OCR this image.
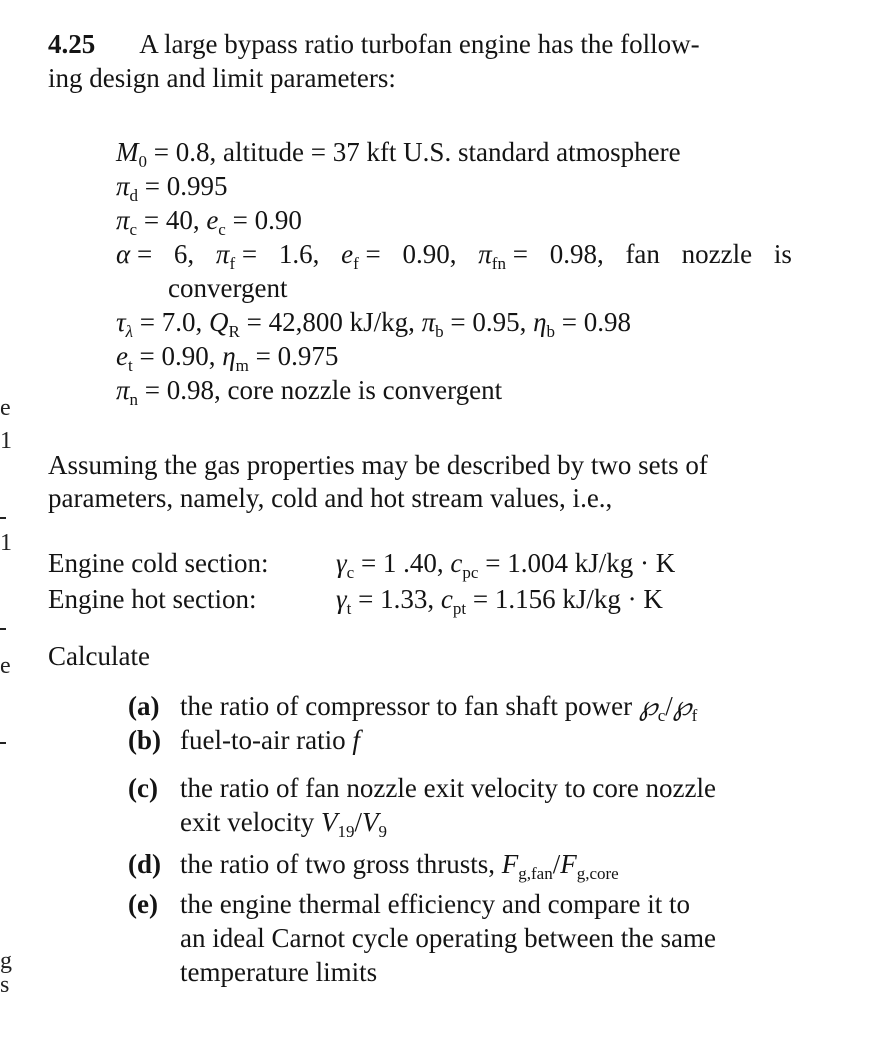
e
1
1
e
g
s
4.25 A large bypass ratio turbofan engine has the follow-
ing design and limit parameters:
$M_0 = 0.8$, altitude = 37 kft U.S. standard atmosphere
$\pi_d = 0.995$
$\pi_c = 40$, $e_c = 0.90$
α = 6, $\pi_f = 1.6$, $e_f = 0.90$, $\pi_{fn} = 0.98$, fan nozzle is
convergent
$\tau_\lambda = 7.0$, $Q_R = 42,800$ kJ/kg, $\pi_b = 0.95$, $\eta_b = 0.98$
$e_t = 0.90$, $\eta_m = 0.975$
$\pi_n = 0.98$, core nozzle is convergent
Assuming the gas properties may be described by two sets of
parameters, namely, cold and hot stream values, i.e.,
Engine cold section:	$\gamma_c = 1$ .40, $c_{pc} = 1.004$ kJ/kg · K
Engine hot section:	$\gamma_t = 1.33$, $c_{pt} = 1.156$ kJ/kg · K
Calculate
(a) the ratio of compressor to fan shaft power $℘_c/℘_f$
(b) fuel-to-air ratio f
(c) the ratio of fan nozzle exit velocity to core nozzle
exit velocity $V_{19}/V_9$
(d) the ratio of two gross thrusts, $F_{g,fan}/F_{g,core}$
(e) the engine thermal efficiency and compare it to
an ideal Carnot cycle operating between the same
temperature limits
